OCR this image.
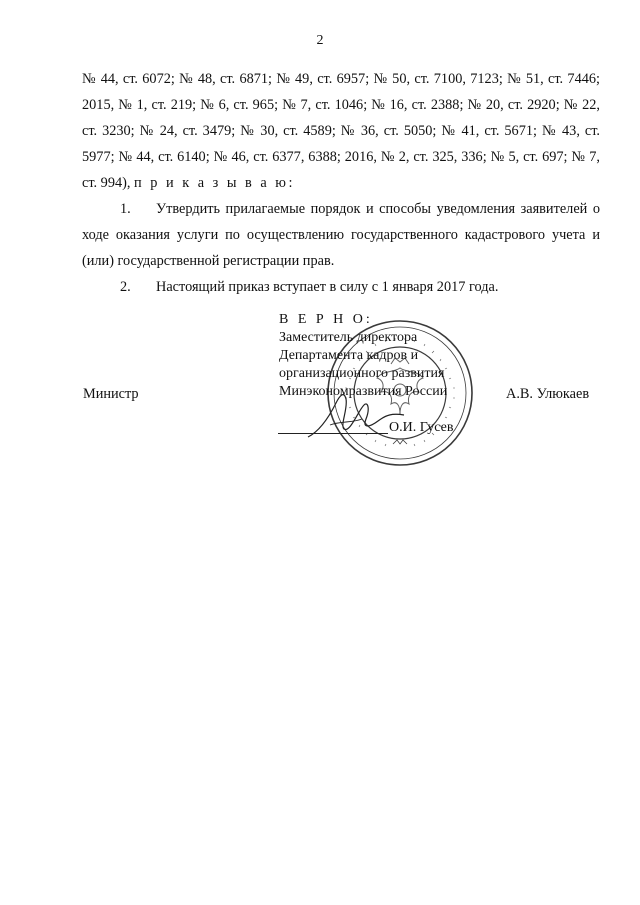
2

№ 44, ст. 6072; № 48, ст. 6871; № 49, ст. 6957; № 50, ст. 7100, 7123; № 51, ст. 7446; 2015, № 1, ст. 219; № 6, ст. 965; № 7, ст. 1046; № 16, ст. 2388; № 20, ст. 2920; № 22, ст. 3230; № 24, ст. 3479; № 30, ст. 4589; № 36, ст. 5050; № 41, ст. 5671; № 43, ст. 5977; № 44, ст. 6140; № 46, ст. 6377, 6388; 2016, № 2, ст. 325, 336; № 5, ст. 697; № 7, ст. 994), п р и к а з ы в а ю:

1. Утвердить прилагаемые порядок и способы уведомления заявителей о ходе оказания услуги по осуществлению государственного кадастрового учета и (или) государственной регистрации прав.

2. Настоящий приказ вступает в силу с 1 января 2017 года.

В Е Р Н О:
Заместитель директора
Департамента кадров и
организационного развития
Минэкономразвития России
Министр	А.В. Улюкаев
О.И. Гусев
